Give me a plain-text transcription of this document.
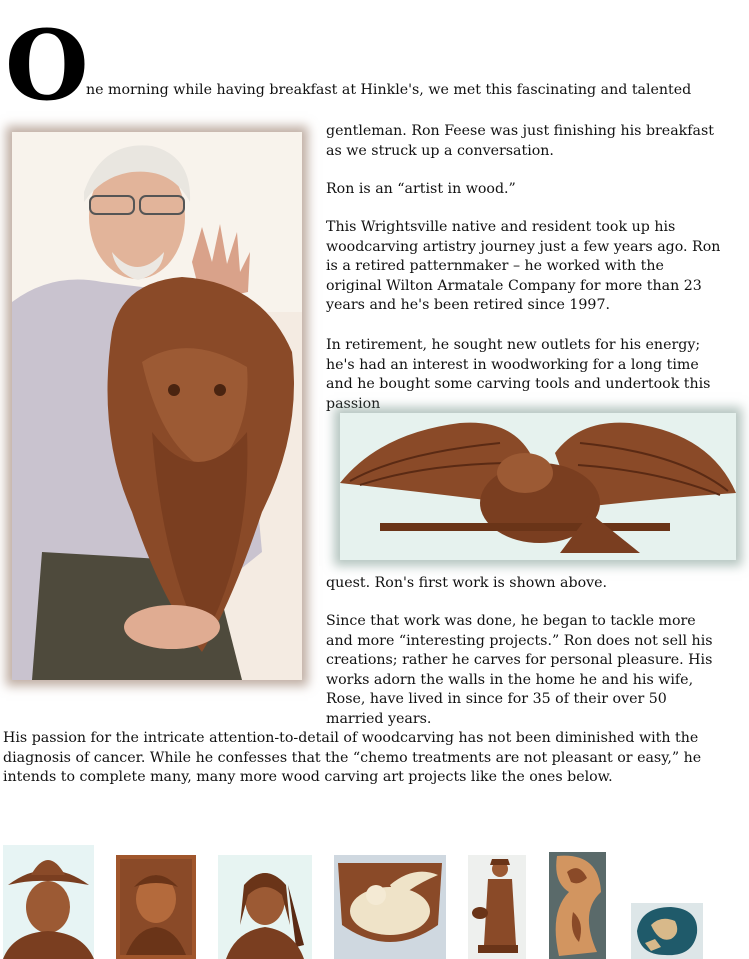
O

ne morning while having breakfast at Hinkle's, we met this fascinating and talented

gentleman. Ron Feese was just finishing his breakfast as we struck up a conversation.

Ron is an “artist in wood.”

This Wrightsville native and resident took up his woodcarving artistry journey just a few years ago. Ron is a retired patternmaker – he worked with the original Wilton Armatale Company for more than 23 years and he's been retired since 1997.

In retirement, he sought new outlets for his energy; he's had an interest in woodworking for a long time and he bought some carving tools and undertook this passion

quest. Ron's first work is shown above.

Since that work was done, he began to tackle more and more “interesting projects.” Ron does not sell his creations; rather he carves for personal pleasure. His works adorn the walls in the home he and his wife, Rose, have lived in since for 35 of their over 50 married years.

His passion for the intricate attention-to-detail of woodcarving has not been diminished with the diagnosis of cancer. While he confesses that the “chemo treatments are not pleasant or easy,” he intends to complete many, many more wood carving art projects like the ones below.
